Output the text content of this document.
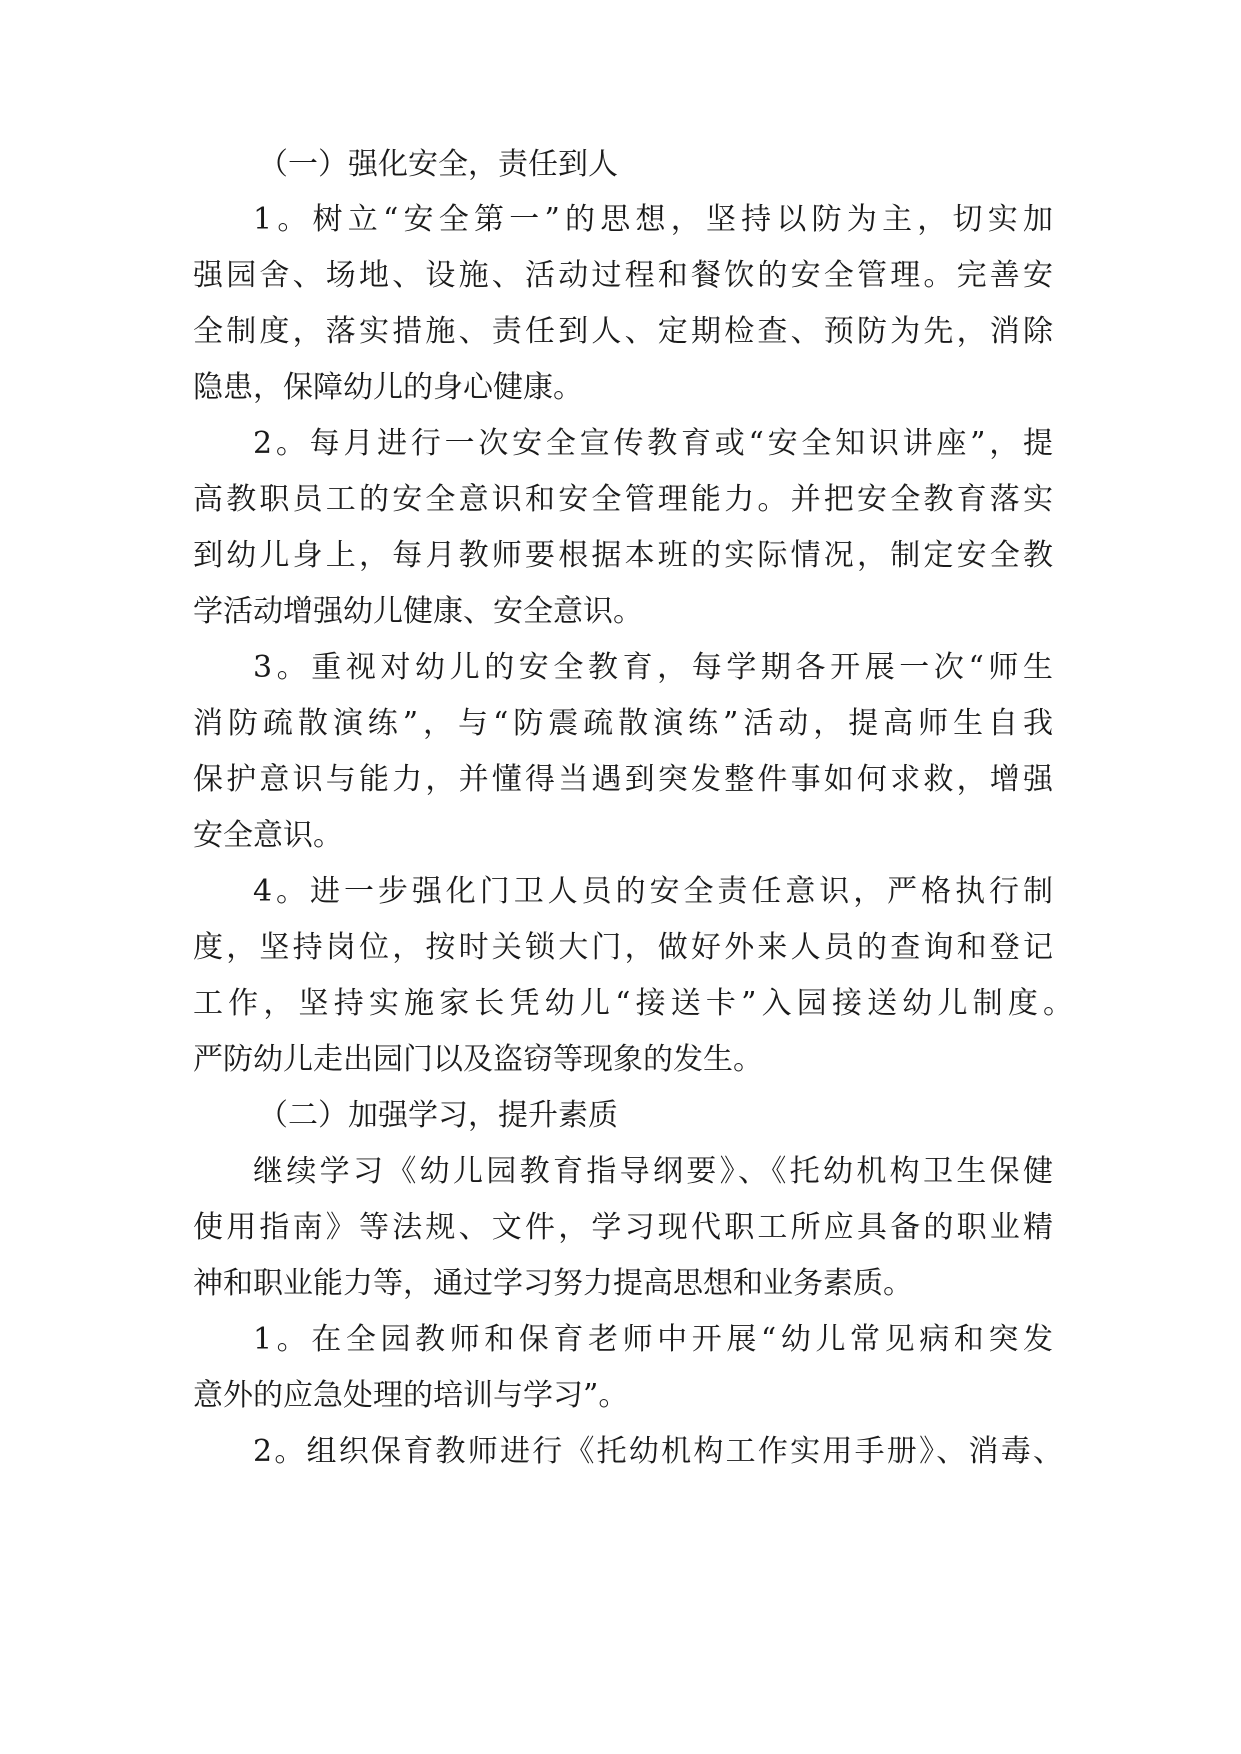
（一）强化安全，责任到人
1。树立“安全第一”的思想，坚持以防为主，切实加
强园舍、场地、设施、活动过程和餐饮的安全管理。完善安
全制度，落实措施、责任到人、定期检查、预防为先，消除
隐患，保障幼儿的身心健康。
2。每月进行一次安全宣传教育或“安全知识讲座”，提
高教职员工的安全意识和安全管理能力。并把安全教育落实
到幼儿身上，每月教师要根据本班的实际情况，制定安全教
学活动增强幼儿健康、安全意识。
3。重视对幼儿的安全教育，每学期各开展一次“师生
消防疏散演练”，与“防震疏散演练”活动，提高师生自我
保护意识与能力，并懂得当遇到突发整件事如何求救，增强
安全意识。
4。进一步强化门卫人员的安全责任意识，严格执行制
度，坚持岗位，按时关锁大门，做好外来人员的查询和登记
工作，坚持实施家长凭幼儿“接送卡”入园接送幼儿制度。
严防幼儿走出园门以及盗窃等现象的发生。
（二）加强学习，提升素质
继续学习《幼儿园教育指导纲要》、《托幼机构卫生保健
使用指南》等法规、文件，学习现代职工所应具备的职业精
神和职业能力等，通过学习努力提高思想和业务素质。
1。在全园教师和保育老师中开展“幼儿常见病和突发
意外的应急处理的培训与学习”。
2。组织保育教师进行《托幼机构工作实用手册》、消毒、
